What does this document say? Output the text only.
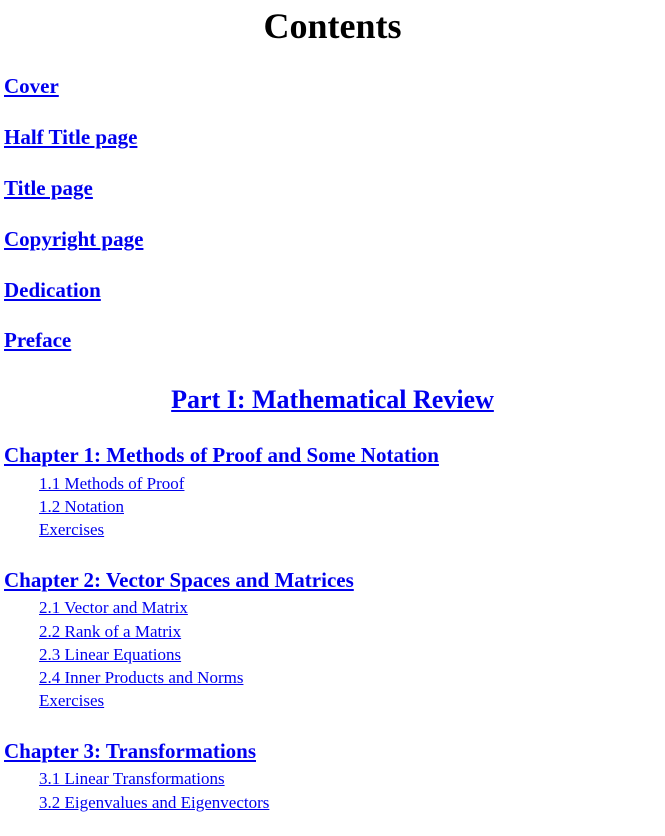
Contents
Cover
Half Title page
Title page
Copyright page
Dedication
Preface
Part I: Mathematical Review
Chapter 1: Methods of Proof and Some Notation
1.1 Methods of Proof
1.2 Notation
Exercises
Chapter 2: Vector Spaces and Matrices
2.1 Vector and Matrix
2.2 Rank of a Matrix
2.3 Linear Equations
2.4 Inner Products and Norms
Exercises
Chapter 3: Transformations
3.1 Linear Transformations
3.2 Eigenvalues and Eigenvectors
